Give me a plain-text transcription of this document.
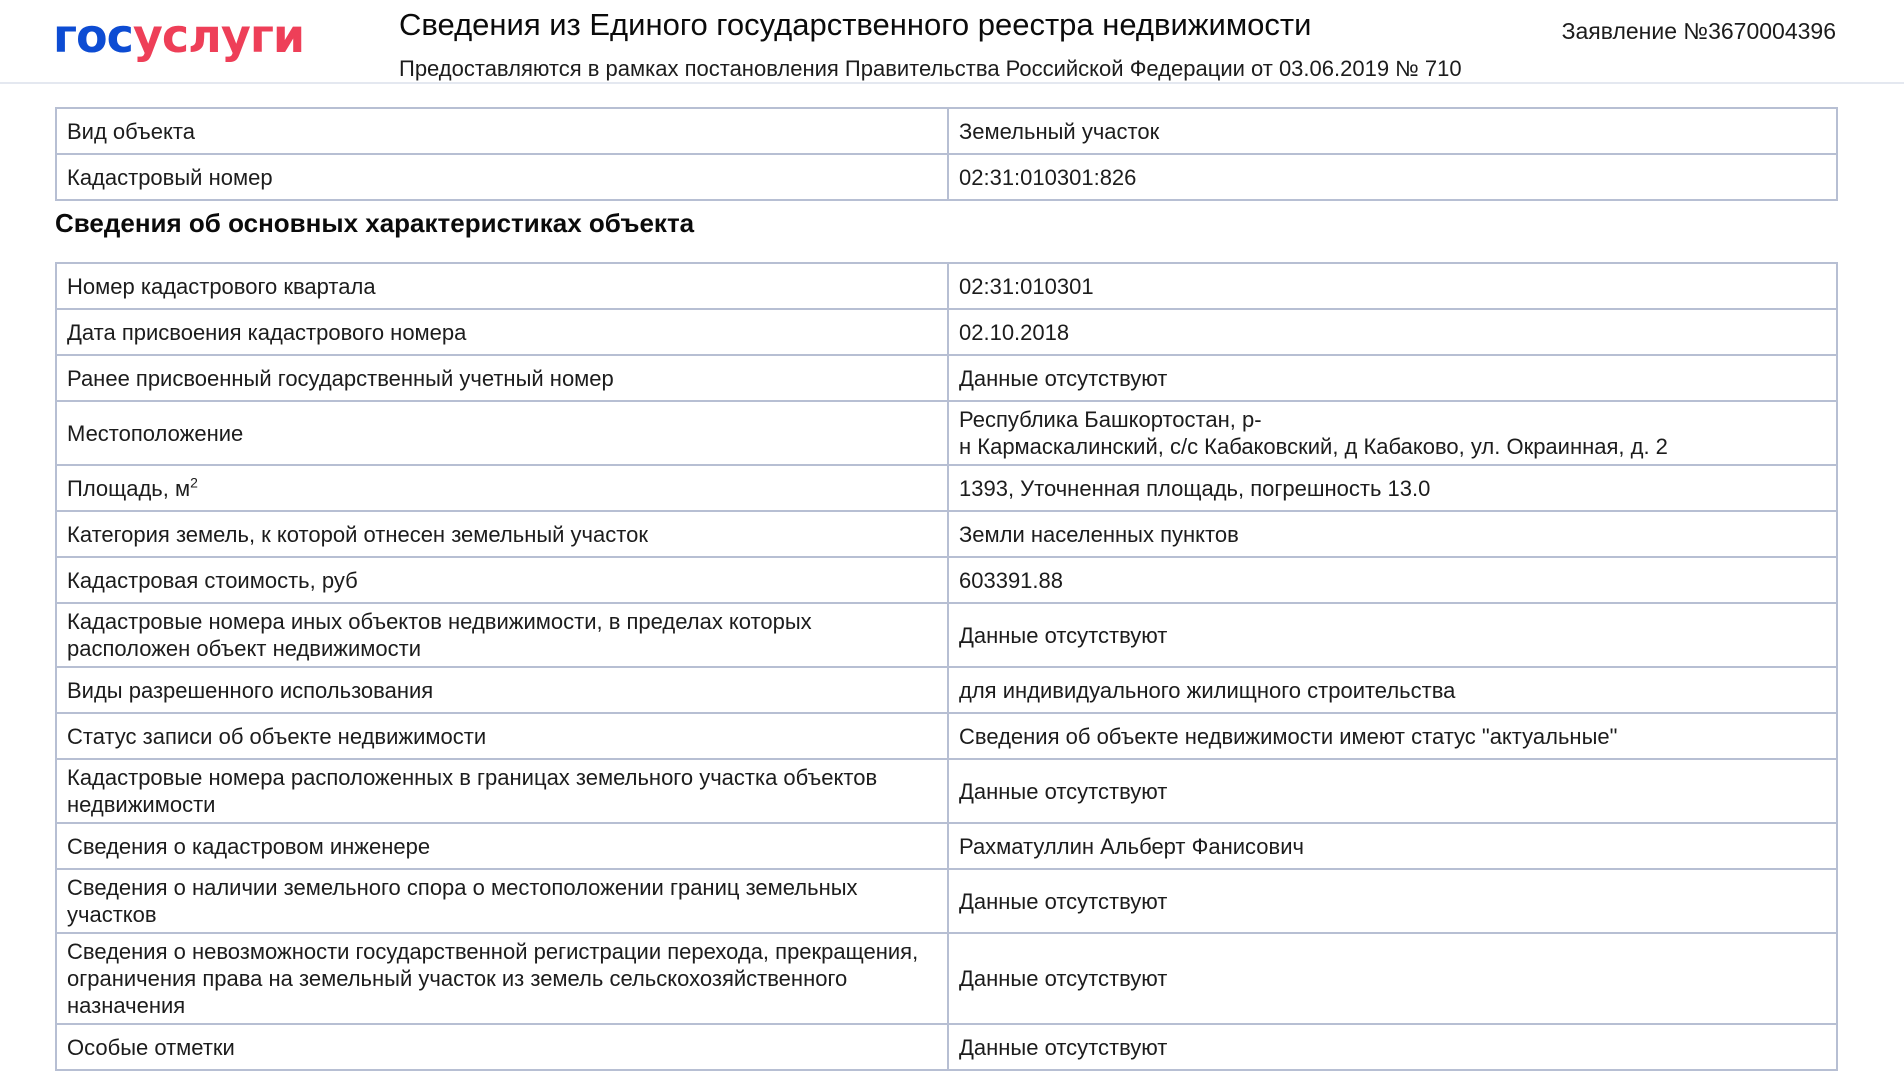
госуслуги	Сведения из Единого государственного реестра недвижимости
Предоставляются в рамках постановления Правительства Российской Федерации от 03.06.2019 № 710
Заявление №3670004396
Вид объекта	Земельный участок
Кадастровый номер	02:31:010301:826
Сведения об основных характеристиках объекта
Номер кадастрового квартала	02:31:010301
Дата присвоения кадастрового номера	02.10.2018
Ранее присвоенный государственный учетный номер	Данные отсутствуют
Местоположение	Республика Башкортостан, р-
н Кармаскалинский, с/с Кабаковский, д Кабаково, ул. Окраинная, д. 2
Площадь, $м^2$	1393, Уточненная площадь, погрешность 13.0
Категория земель, к которой отнесен земельный участок	Земли населенных пунктов
Кадастровая стоимость, руб	603391.88
Кадастровые номера иных объектов недвижимости, в пределах которых расположен объект недвижимости	Данные отсутствуют
Виды разрешенного использования	для индивидуального жилищного строительства
Статус записи об объекте недвижимости	Сведения об объекте недвижимости имеют статус "актуальные"
Кадастровые номера расположенных в границах земельного участка объектов недвижимости	Данные отсутствуют
Сведения о кадастровом инженере	Рахматуллин Альберт Фанисович
Сведения о наличии земельного спора о местоположении границ земельных участков	Данные отсутствуют
Сведения о невозможности государственной регистрации перехода, прекращения, ограничения права на земельный участок из земель сельскохозяйственного назначения	Данные отсутствуют
Особые отметки	Данные отсутствуют
